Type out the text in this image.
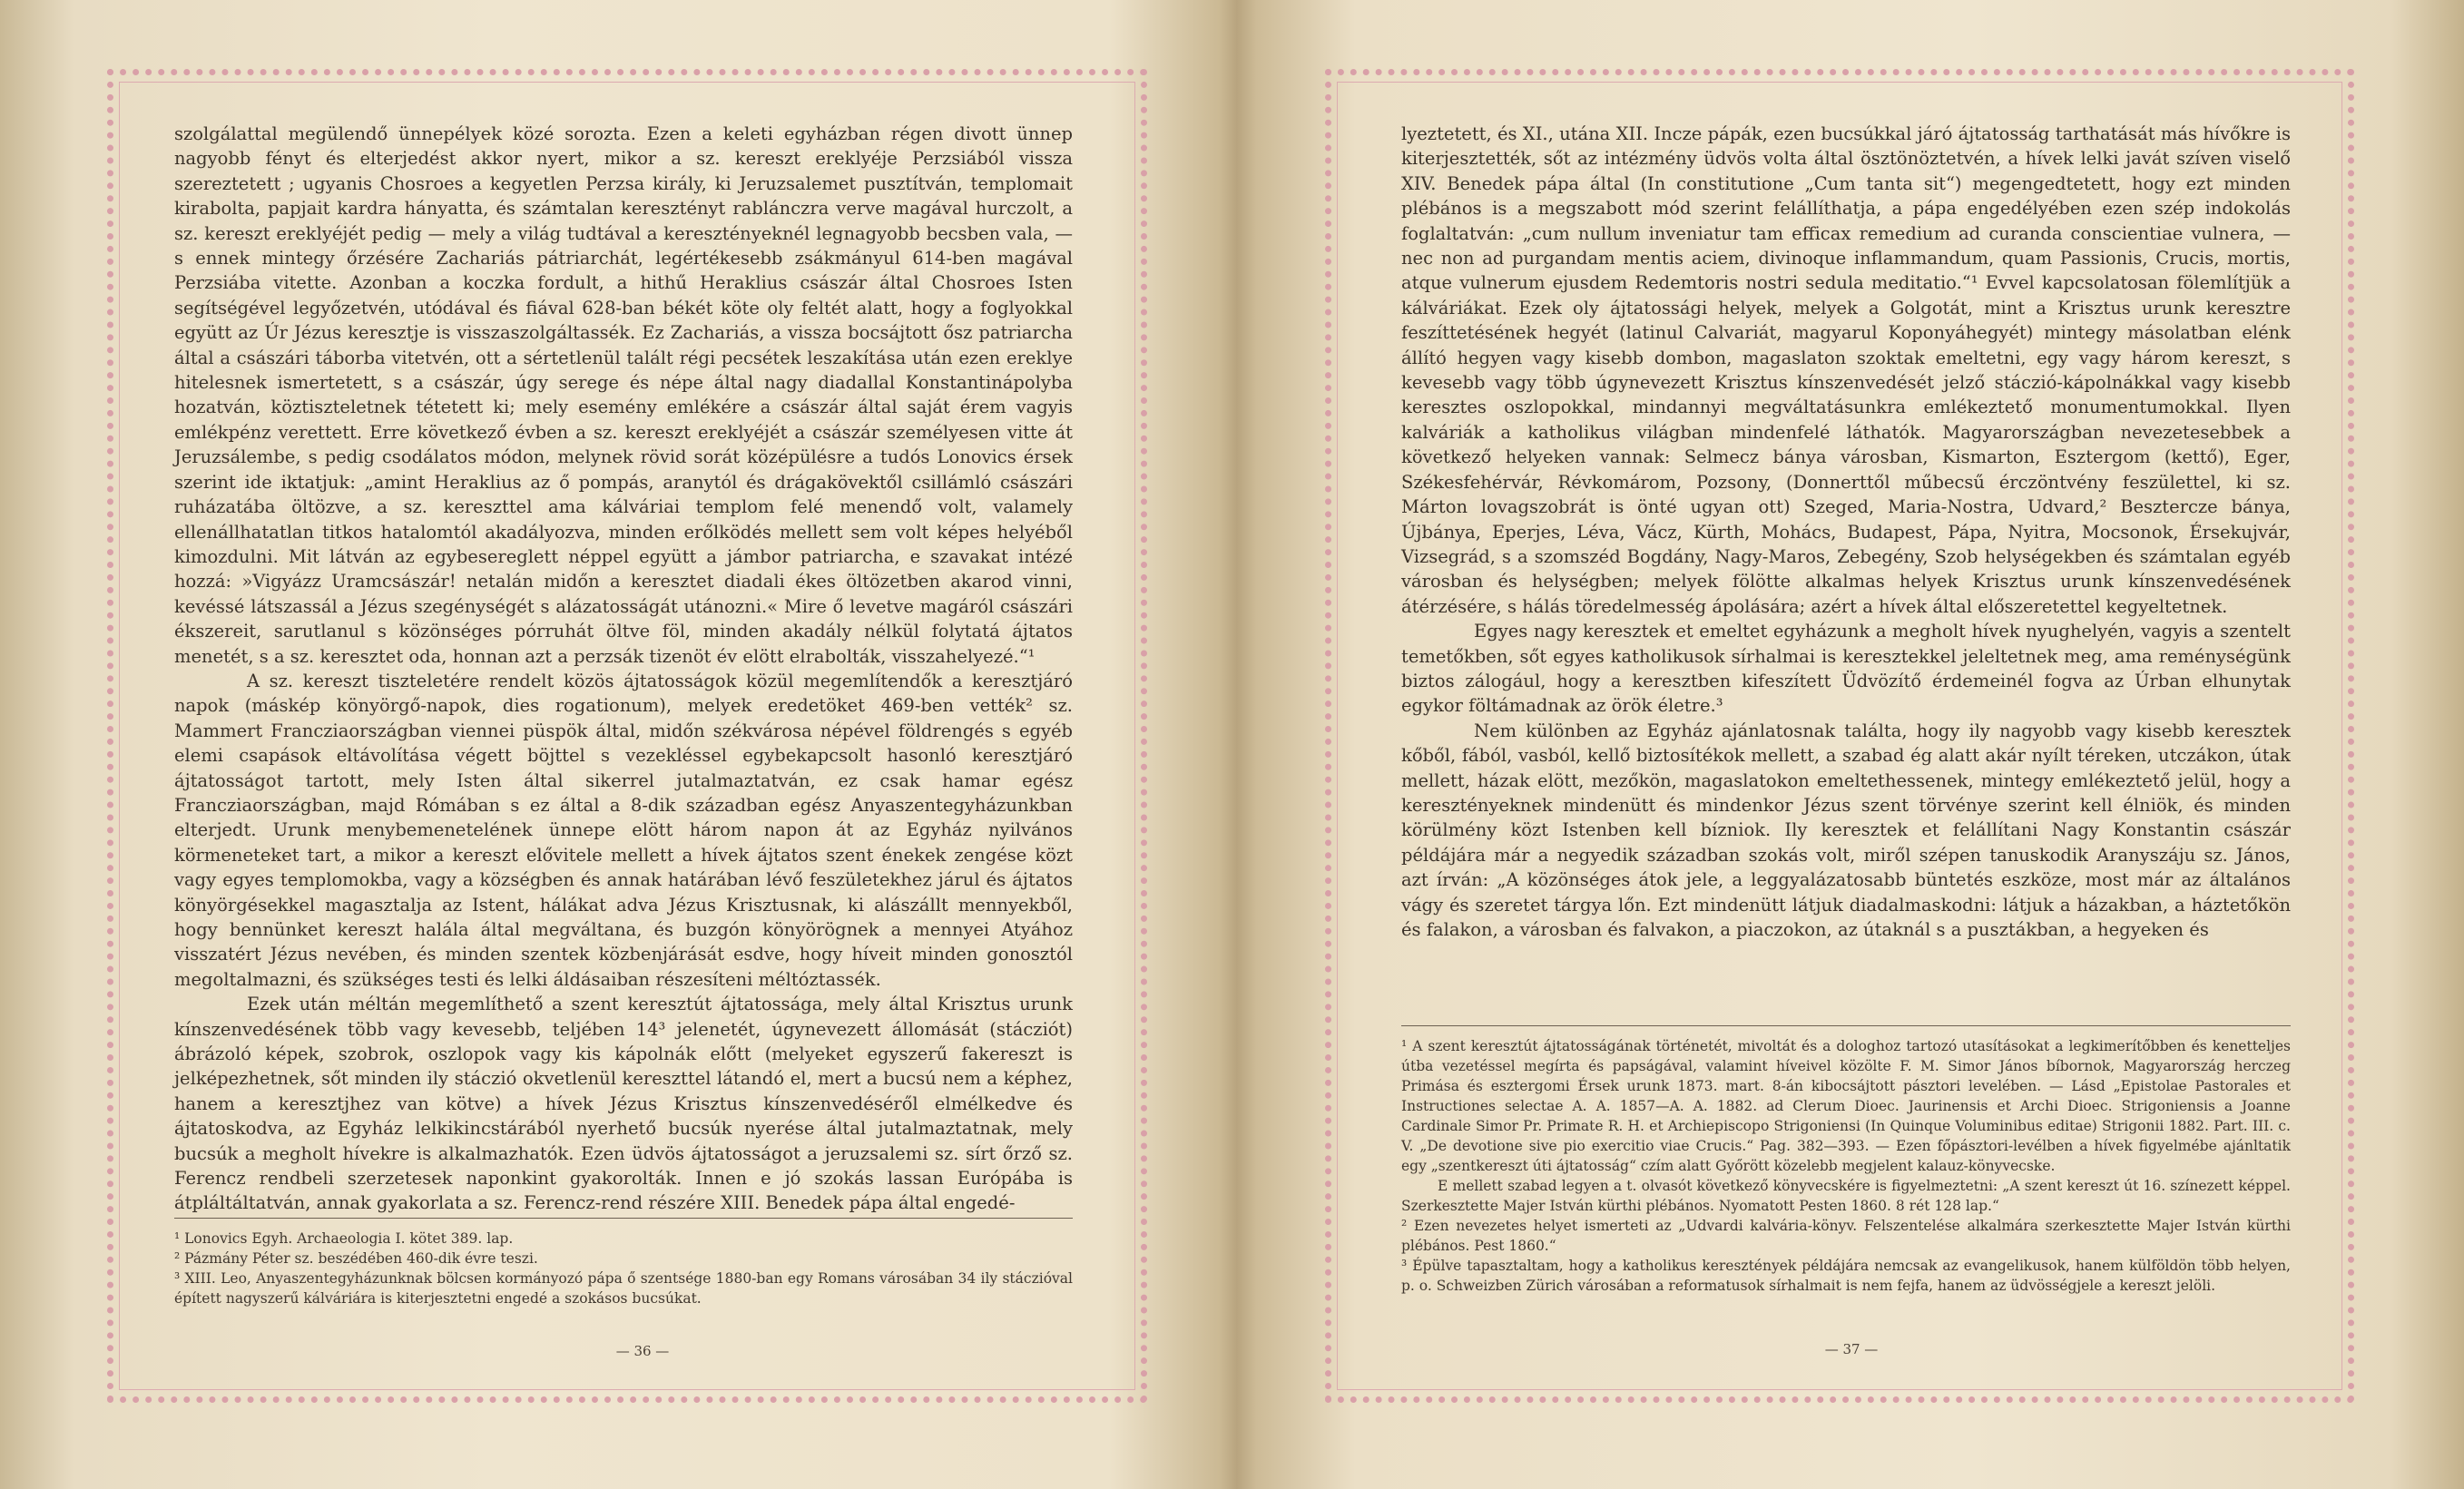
szolgálattal megülendő ünnepélyek közé sorozta. Ezen a keleti egyházban régen divott ünnep nagyobb fényt és elterjedést akkor nyert, mikor a sz. kereszt ereklyéje Perzsiából vissza szereztetett ; ugyanis Chosroes a kegyetlen Perzsa király, ki Jeruzsalemet pusztítván, templomait kirabolta, papjait kardra hányatta, és számtalan keresztényt rablánczra verve magával hurczolt, a sz. kereszt ereklyéjét pedig — mely a világ tudtával a keresztényeknél legnagyobb becsben vala, — s ennek mintegy őrzésére Zachariás pátriarchát, legértékesebb zsákmányul 614-ben magával Perzsiába vitette. Azonban a koczka fordult, a hithű Heraklius császár által Chosroes Isten segítségével legyőzetvén, utódával és fiával 628-ban békét köte oly feltét alatt, hogy a foglyokkal együtt az Úr Jézus keresztje is visszaszolgáltassék. Ez Zachariás, a vissza bocsájtott ősz patriarcha által a császári táborba vitetvén, ott a sértetlenül talált régi pecsétek leszakítása után ezen ereklye hitelesnek ismertetett, s a császár, úgy serege és népe által nagy diadallal Konstantinápolyba hozatván, köztiszteletnek tétetett ki; mely esemény emlékére a császár által saját érem vagyis emlékpénz verettett. Erre következő évben a sz. kereszt ereklyéjét a császár személyesen vitte át Jeruzsálembe, s pedig csodálatos módon, melynek rövid sorát középülésre a tudós Lonovics érsek szerint ide iktatjuk: „amint Heraklius az ő pompás, aranytól és drágakövektől csillámló császári ruházatába öltözve, a sz. kereszttel ama kálváriai templom felé menendő volt, valamely ellenállhatatlan titkos hatalomtól akadályozva, minden erőlködés mellett sem volt képes helyéből kimozdulni. Mit látván az egybesereglett néppel együtt a jámbor patriarcha, e szavakat intézé hozzá: »Vigyázz Uramcsászár! netalán midőn a keresztet diadali ékes öltözetben akarod vinni, kevéssé látszassál a Jézus szegénységét s alázatosságát utánozni.« Mire ő levetve magáról császári ékszereit, sarutlanul s közönséges pórruhát öltve föl, minden akadály nélkül folytatá ájtatos menetét, s a sz. keresztet oda, honnan azt a perzsák tizenöt év elött elrabolták, visszahelyezé.“¹

A sz. kereszt tiszteletére rendelt közös ájtatosságok közül megemlítendők a keresztjáró napok (máskép könyörgő-napok, dies rogationum), melyek eredetöket 469-ben vették² sz. Mammert Francziaországban viennei püspök által, midőn székvárosa népével földrengés s egyéb elemi csapások eltávolítása végett böjttel s vezekléssel egybekapcsolt hasonló keresztjáró ájtatosságot tartott, mely Isten által sikerrel jutalmaztatván, ez csak hamar egész Francziaországban, majd Rómában s ez által a 8-dik században egész Anyaszentegyházunkban elterjedt. Urunk menybemenetelének ünnepe elött három napon át az Egyház nyilvános körmeneteket tart, a mikor a kereszt elővitele mellett a hívek ájtatos szent énekek zengése közt vagy egyes templomokba, vagy a községben és annak határában lévő feszületekhez járul és ájtatos könyörgésekkel magasztalja az Istent, hálákat adva Jézus Krisztusnak, ki alászállt mennyekből, hogy bennünket kereszt halála által megváltana, és buzgón könyörögnek a mennyei Atyához visszatért Jézus nevében, és minden szentek közbenjárását esdve, hogy híveit minden gonosztól megoltalmazni, és szükséges testi és lelki áldásaiban részesíteni méltóztassék.

Ezek után méltán megemlíthető a szent keresztút ájtatossága, mely által Krisztus urunk kínszenvedésének több vagy kevesebb, teljében 14³ jelenetét, úgynevezett állomását (stácziót) ábrázoló képek, szobrok, oszlopok vagy kis kápolnák előtt (melyeket egyszerű fakereszt is jelképezhetnek, sőt minden ily stáczió okvetlenül kereszttel látandó el, mert a bucsú nem a képhez, hanem a keresztjhez van kötve) a hívek Jézus Krisztus kínszenvedéséről elmélkedve és ájtatoskodva, az Egyház lelkikincstárából nyerhető bucsúk nyerése által jutalmaztatnak, mely bucsúk a megholt hívekre is alkalmazhatók. Ezen üdvös ájtatosságot a jeruzsalemi sz. sírt őrző sz. Ferencz rendbeli szerzetesek naponkint gyakorolták. Innen e jó szokás lassan Európába is átpláltáltatván, annak gyakorlata a sz. Ferencz-rend részére XIII. Benedek pápa által engedé-

¹ Lonovics Egyh. Archaeologia I. kötet 389. lap.

² Pázmány Péter sz. beszédében 460-dik évre teszi.

³ XIII. Leo, Anyaszentegyházunknak bölcsen kormányozó pápa ő szentsége 1880-ban egy Romans városában 34 ily stáczióval épített nagyszerű kálváriára is kiterjesztetni engedé a szokásos bucsúkat.

— 36 —

lyeztetett, és XI., utána XII. Incze pápák, ezen bucsúkkal járó ájtatosság tarthatását más hívőkre is kiterjesztették, sőt az intézmény üdvös volta által ösztönöztetvén, a hívek lelki javát szíven viselő XIV. Benedek pápa által (In constitutione „Cum tanta sit“) megengedtetett, hogy ezt minden plébános is a megszabott mód szerint felállíthatja, a pápa engedélyében ezen szép indokolás foglaltatván: „cum nullum inveniatur tam efficax remedium ad curanda conscientiae vulnera, — nec non ad purgandam mentis aciem, divinoque inflammandum, quam Passionis, Crucis, mortis, atque vulnerum ejusdem Redemtoris nostri sedula meditatio.“¹ Evvel kapcsolatosan fölemlítjük a kálváriákat. Ezek oly ájtatossági helyek, melyek a Golgotát, mint a Krisztus urunk keresztre feszíttetésének hegyét (latinul Calvariát, magyarul Koponyáhegyét) mintegy másolatban elénk állító hegyen vagy kisebb dombon, magaslaton szoktak emeltetni, egy vagy három kereszt, s kevesebb vagy több úgynevezett Krisztus kínszenvedését jelző stáczió-kápolnákkal vagy kisebb keresztes oszlopokkal, mindannyi megváltatásunkra emlékeztető monumentumokkal. Ilyen kalváriák a katholikus világban mindenfelé láthatók. Magyarországban nevezetesebbek a következő helyeken vannak: Selmecz bánya városban, Kismarton, Esztergom (kettő), Eger, Székesfehérvár, Révkomárom, Pozsony, (Donnerttől műbecsű érczöntvény feszülettel, ki sz. Márton lovagszobrát is önté ugyan ott) Szeged, Maria-Nostra, Udvard,² Besztercze bánya, Újbánya, Eperjes, Léva, Vácz, Kürth, Mohács, Budapest, Pápa, Nyitra, Mocsonok, Érsekujvár, Vizsegrád, s a szomszéd Bogdány, Nagy-Maros, Zebegény, Szob helységekben és számtalan egyéb városban és helységben; melyek fölötte alkalmas helyek Krisztus urunk kínszenvedésének átérzésére, s hálás töredelmesség ápolására; azért a hívek által előszeretettel kegyeltetnek.

Egyes nagy keresztek et emeltet egyházunk a megholt hívek nyughelyén, vagyis a szentelt temetőkben, sőt egyes katholikusok sírhalmai is keresztekkel jeleltetnek meg, ama reménységünk biztos zálogául, hogy a keresztben kifeszített Üdvözítő érdemeinél fogva az Úrban elhunytak egykor föltámadnak az örök életre.³

Nem különben az Egyház ajánlatosnak találta, hogy ily nagyobb vagy kisebb keresztek kőből, fából, vasból, kellő biztosítékok mellett, a szabad ég alatt akár nyílt téreken, utczákon, útak mellett, házak elött, mezőkön, magaslatokon emeltethessenek, mintegy emlékeztető jelül, hogy a keresztényeknek mindenütt és mindenkor Jézus szent törvénye szerint kell élniök, és minden körülmény közt Istenben kell bízniok. Ily keresztek et felállítani Nagy Konstantin császár példájára már a negyedik században szokás volt, miről szépen tanuskodik Aranyszáju sz. János, azt írván: „A közönséges átok jele, a leggyalázatosabb büntetés eszköze, most már az általános vágy és szeretet tárgya lőn. Ezt mindenütt látjuk diadalmaskodni: látjuk a házakban, a háztetőkön és falakon, a városban és falvakon, a piaczokon, az útaknál s a pusztákban, a hegyeken és

¹ A szent keresztút ájtatosságának történetét, mivoltát és a dologhoz tartozó utasításokat a legkimerítőbben és kenetteljes útba vezetéssel megírta és papságával, valamint híveivel közölte F. M. Simor János bíbornok, Magyarország herczeg Primása és esztergomi Érsek urunk 1873. mart. 8-án kibocsájtott pásztori levelében. — Lásd „Epistolae Pastorales et Instructiones selectae A. A. 1857—A. A. 1882. ad Clerum Dioec. Jaurinensis et Archi Dioec. Strigoniensis a Joanne Cardinale Simor Pr. Primate R. H. et Archiepiscopo Strigoniensi (In Quinque Voluminibus editae) Strigonii 1882. Part. III. c. V. „De devotione sive pio exercitio viae Crucis.“ Pag. 382—393. — Ezen főpásztori-levélben a hívek figyelmébe ajánltatik egy „szentkereszt úti ájtatosság“ czím alatt Győrött közelebb megjelent kalauz-könyvecske.

E mellett szabad legyen a t. olvasót következő könyvecskére is figyelmeztetni: „A szent kereszt út 16. színezett képpel. Szerkesztette Majer István kürthi plébános. Nyomatott Pesten 1860. 8 rét 128 lap.“

² Ezen nevezetes helyet ismerteti az „Udvardi kalvária-könyv. Felszentelése alkalmára szerkesztette Majer István kürthi plébános. Pest 1860.“

³ Épülve tapasztaltam, hogy a katholikus keresztények példájára nemcsak az evangelikusok, hanem külföldön több helyen, p. o. Schweizben Zürich városában a reformatusok sírhalmait is nem fejfa, hanem az üdvösségjele a kereszt jelöli.

— 37 —
